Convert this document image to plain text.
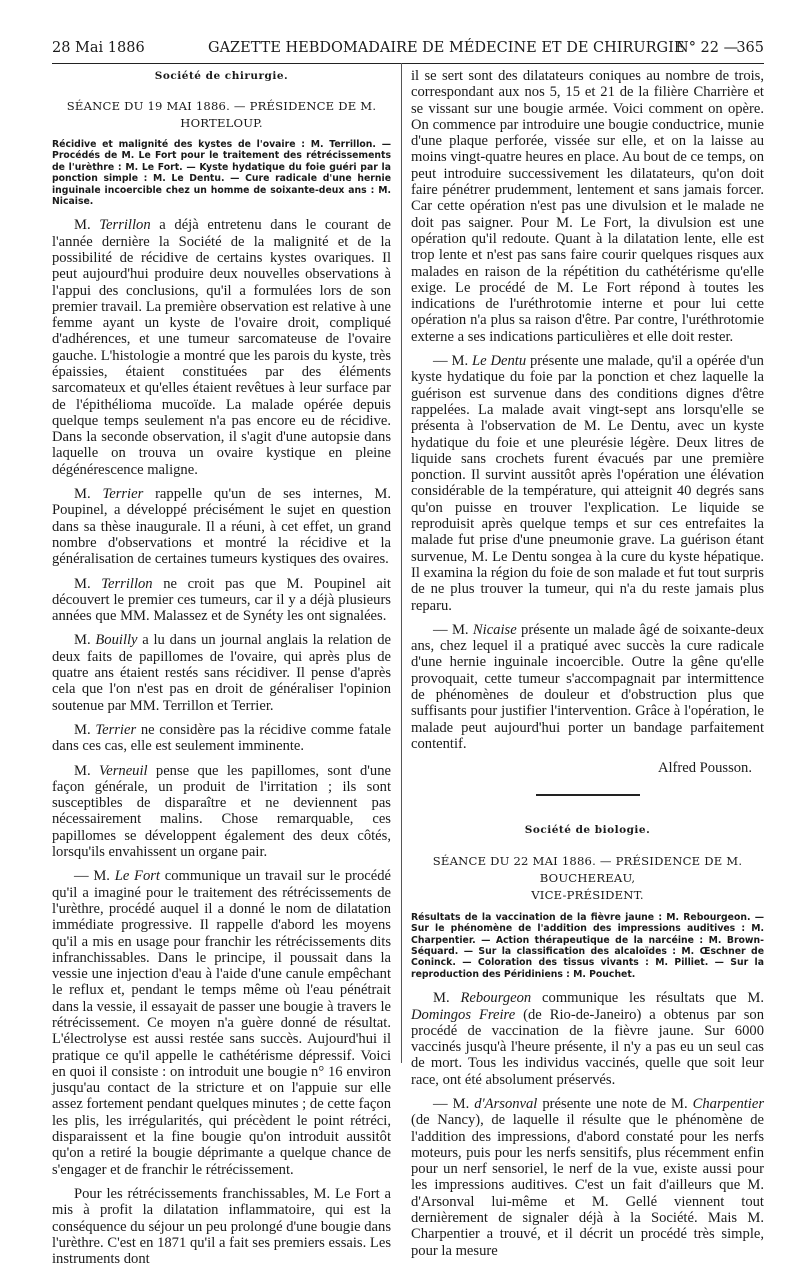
28 Mai 1886	GAZETTE HEBDOMADAIRE DE MÉDECINE ET DE CHIRURGIE
N° 22 —
365
Société de chirurgie.
SÉANCE DU 19 MAI 1886. — PRÉSIDENCE DE M. HORTELOUP.
Récidive et malignité des kystes de l'ovaire : M. Terrillon. — Procédés de M. Le Fort pour le traitement des rétrécissements de l'urèthre : M. Le Fort. — Kyste hydatique du foie guéri par la ponction simple : M. Le Dentu. — Cure radicale d'une hernie inguinale incoercible chez un homme de soixante-deux ans : M. Nicaise.

M. Terrillon a déjà entretenu dans le courant de l'année dernière la Société de la malignité et de la possibilité de récidive de certains kystes ovariques. Il peut aujourd'hui produire deux nouvelles observations à l'appui des conclusions, qu'il a formulées lors de son premier travail. La première observation est relative à une femme ayant un kyste de l'ovaire droit, compliqué d'adhérences, et une tumeur sarcomateuse de l'ovaire gauche. L'histologie a montré que les parois du kyste, très épaissies, étaient constituées par des éléments sarcomateux et qu'elles étaient revêtues à leur surface par de l'épithélioma mucoïde. La malade opérée depuis quelque temps seulement n'a pas encore eu de récidive. Dans la seconde observation, il s'agit d'une autopsie dans laquelle on trouva un ovaire kystique en pleine dégénérescence maligne.

M. Terrier rappelle qu'un de ses internes, M. Poupinel, a développé précisément le sujet en question dans sa thèse inaugurale. Il a réuni, à cet effet, un grand nombre d'observations et montré la récidive et la généralisation de certaines tumeurs kystiques des ovaires.

M. Terrillon ne croit pas que M. Poupinel ait découvert le premier ces tumeurs, car il y a déjà plusieurs années que MM. Malassez et de Synéty les ont signalées.

M. Bouilly a lu dans un journal anglais la relation de deux faits de papillomes de l'ovaire, qui après plus de quatre ans étaient restés sans récidiver. Il pense d'après cela que l'on n'est pas en droit de généraliser l'opinion soutenue par MM. Terrillon et Terrier.

M. Terrier ne considère pas la récidive comme fatale dans ces cas, elle est seulement imminente.

M. Verneuil pense que les papillomes, sont d'une façon générale, un produit de l'irritation ; ils sont susceptibles de disparaître et ne deviennent pas nécessairement malins. Chose remarquable, ces papillomes se développent également des deux côtés, lorsqu'ils envahissent un organe pair.

— M. Le Fort communique un travail sur le procédé qu'il a imaginé pour le traitement des rétrécissements de l'urèthre, procédé auquel il a donné le nom de dilatation immédiate progressive. Il rappelle d'abord les moyens qu'il a mis en usage pour franchir les rétrécissements dits infranchissables. Dans le principe, il poussait dans la vessie une injection d'eau à l'aide d'une canule empêchant le reflux et, pendant le temps même où l'eau pénétrait dans la vessie, il essayait de passer une bougie à travers le rétrécissement. Ce moyen n'a guère donné de résultat. L'électrolyse est aussi restée sans succès. Aujourd'hui il pratique ce qu'il appelle le cathétérisme dépressif. Voici en quoi il consiste : on introduit une bougie n° 16 environ jusqu'au contact de la stricture et on l'appuie sur elle assez fortement pendant quelques minutes ; de cette façon les plis, les irrégularités, qui précèdent le point rétréci, disparaissent et la fine bougie qu'on introduit aussitôt qu'on a retiré la bougie déprimante a quelque chance de s'engager et de franchir le rétrécissement.

Pour les rétrécissements franchissables, M. Le Fort a mis à profit la dilatation inflammatoire, qui est la conséquence du séjour un peu prolongé d'une bougie dans l'urèthre. C'est en 1871 qu'il a fait ses premiers essais. Les instruments dont

il se sert sont des dilatateurs coniques au nombre de trois, correspondant aux nos 5, 15 et 21 de la filière Charrière et se vissant sur une bougie armée. Voici comment on opère. On commence par introduire une bougie conductrice, munie d'une plaque perforée, vissée sur elle, et on la laisse au moins vingt-quatre heures en place. Au bout de ce temps, on peut introduire successivement les dilatateurs, qu'on doit faire pénétrer prudemment, lentement et sans jamais forcer. Car cette opération n'est pas une divulsion et le malade ne doit pas saigner. Pour M. Le Fort, la divulsion est une opération qu'il redoute. Quant à la dilatation lente, elle est trop lente et n'est pas sans faire courir quelques risques aux malades en raison de la répétition du cathétérisme qu'elle exige. Le procédé de M. Le Fort répond à toutes les indications de l'uréthrotomie interne et pour lui cette opération n'a plus sa raison d'être. Par contre, l'uréthrotomie externe a ses indications particulières et elle doit rester.

— M. Le Dentu présente une malade, qu'il a opérée d'un kyste hydatique du foie par la ponction et chez laquelle la guérison est survenue dans des conditions dignes d'être rappelées. La malade avait vingt-sept ans lorsqu'elle se présenta à l'observation de M. Le Dentu, avec un kyste hydatique du foie et une pleurésie légère. Deux litres de liquide sans crochets furent évacués par une première ponction. Il survint aussitôt après l'opération une élévation considérable de la température, qui atteignit 40 degrés sans qu'on puisse en trouver l'explication. Le liquide se reproduisit après quelque temps et sur ces entrefaites la malade fut prise d'une pneumonie grave. La guérison étant survenue, M. Le Dentu songea à la cure du kyste hépatique. Il examina la région du foie de son malade et fut tout surpris de ne plus trouver la tumeur, qui n'a du reste jamais plus reparu.

— M. Nicaise présente un malade âgé de soixante-deux ans, chez lequel il a pratiqué avec succès la cure radicale d'une hernie inguinale incoercible. Outre la gêne qu'elle provoquait, cette tumeur s'accompagnait par intermittence de phénomènes de douleur et d'obstruction plus que suffisants pour justifier l'intervention. Grâce à l'opération, le malade peut aujourd'hui porter un bandage parfaitement contentif.

Alfred Pousson.
Société de biologie.
SÉANCE DU 22 MAI 1886. — PRÉSIDENCE DE M. BOUCHEREAU,
VICE-PRÉSIDENT.
Résultats de la vaccination de la fièvre jaune : M. Rebourgeon. — Sur le phénomène de l'addition des impressions auditives : M. Charpentier. — Action thérapeutique de la narcéine : M. Brown-Séquard. — Sur la classification des alcaloïdes : M. Œschner de Coninck. — Coloration des tissus vivants : M. Pilliet. — Sur la reproduction des Péridiniens : M. Pouchet.

M. Rebourgeon communique les résultats que M. Domingos Freire (de Rio-de-Janeiro) a obtenus par son procédé de vaccination de la fièvre jaune. Sur 6000 vaccinés jusqu'à l'heure présente, il n'y a pas eu un seul cas de mort. Tous les individus vaccinés, quelle que soit leur race, ont été absolument préservés.

— M. d'Arsonval présente une note de M. Charpentier (de Nancy), de laquelle il résulte que le phénomène de l'addition des impressions, d'abord constaté pour les nerfs moteurs, puis pour les nerfs sensitifs, plus récemment enfin pour un nerf sensoriel, le nerf de la vue, existe aussi pour les impressions auditives. C'est un fait d'ailleurs que M. d'Arsonval lui-même et M. Gellé viennent tout dernièrement de signaler déjà à la Société. Mais M. Charpentier a trouvé, et il décrit un procédé très simple, pour la mesure
